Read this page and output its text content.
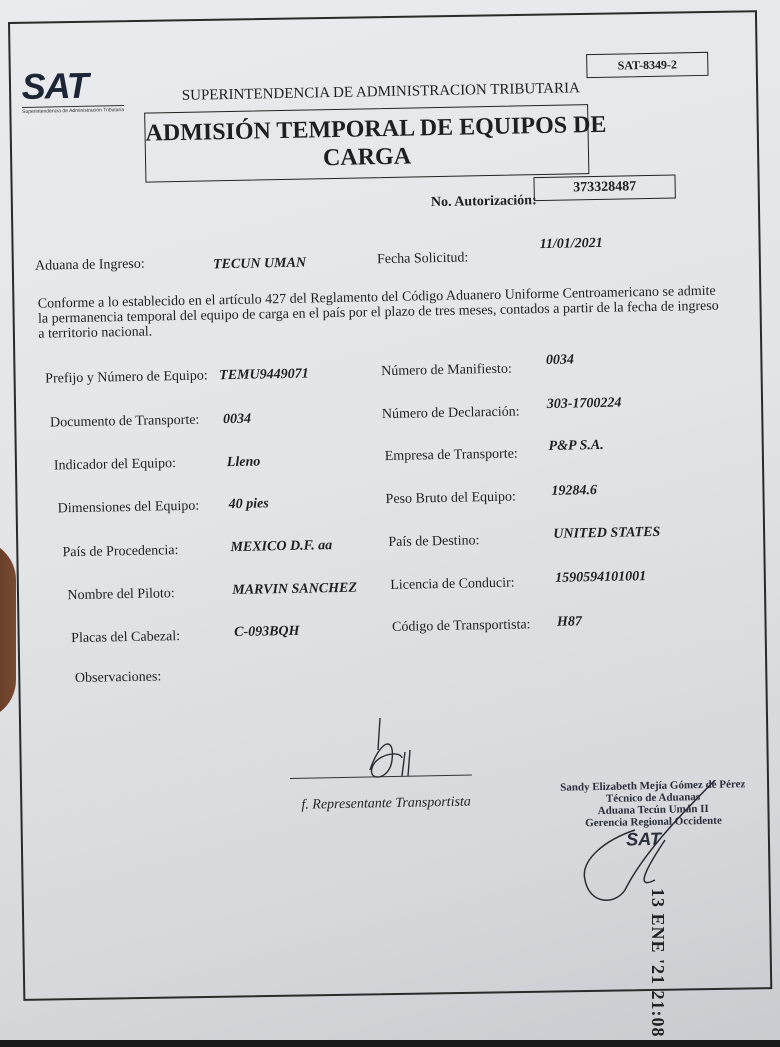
SAT
Superintendencia de Administración Tributaria
SAT-8349-2
SUPERINTENDENCIA DE ADMINISTRACION TRIBUTARIA
ADMISIÓN TEMPORAL DE EQUIPOS DE
CARGA
No. Autorización:
373328487
Aduana de Ingreso:	TECUN UMAN	Fecha Solicitud:
11/01/2021
Conforme a lo establecido en el artículo 427 del Reglamento del Código Aduanero Uniforme Centroamericano se admite la permanencia temporal del equipo de carga en el país por el plazo de tres meses, contados a partir de la fecha de ingreso a territorio nacional.
Prefijo y Número de Equipo: TEMU9449071	Número de Manifiesto:
0034
Documento de Transporte: 0034	Número de Declaración:
303-1700224
Indicador del Equipo:	Lleno	Empresa de Transporte:
P&P S.A.
Dimensiones del Equipo: 40 pies	Peso Bruto del Equipo:	19284.6
País de Procedencia:	MEXICO D.F. aa	País de Destino:	UNITED STATES
Nombre del Piloto:	MARVIN SANCHEZ Licencia de Conducir:	1590594101001
Placas del Cabezal:	C-093BQH	Código de Transportista: H87
Observaciones:
f. Representante Transportista
Sandy Elizabeth Mejía Gómez de Pérez
Técnico de Aduanas
Aduana Tecún Umán II
Gerencia Regional Occidente
SAT
13 ENE '21 21:08
